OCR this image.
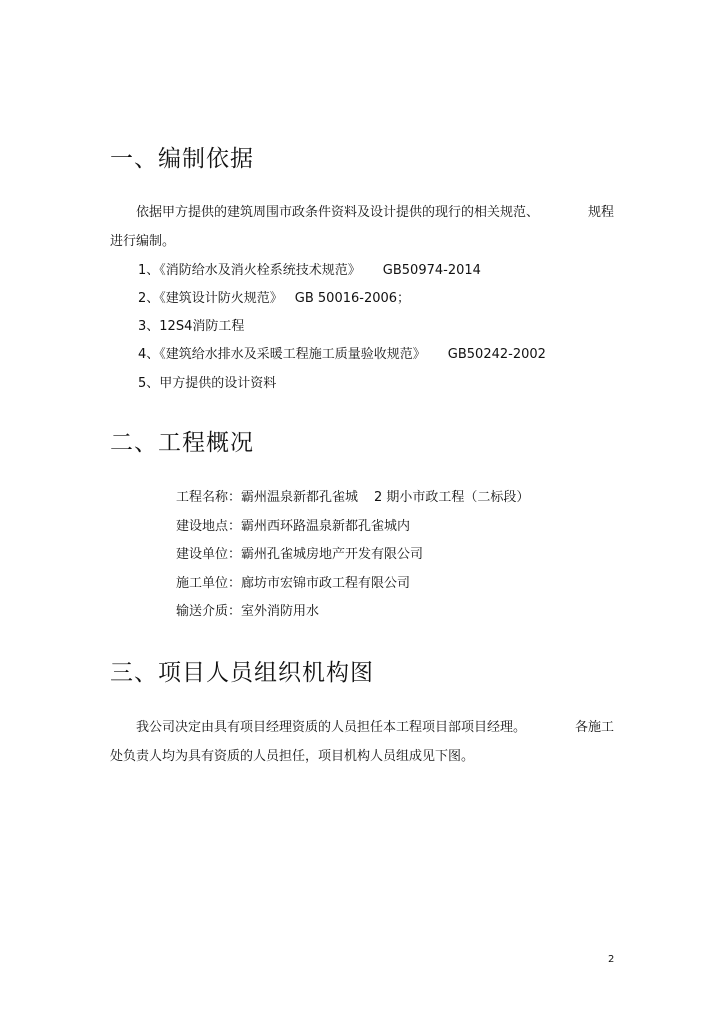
一、编制依据
依据甲方提供的建筑周围市政条件资料及设计提供的现行的相关规范、	规程
进行编制。
1、《消防给水及消火栓系统技术规范》 GB50974-2014
2、《建筑设计防火规范》 GB 50016-2006；
3、12S4消防工程
4、《建筑给水排水及采暖工程施工质量验收规范》 GB50242-2002
5、甲方提供的设计资料
二、工程概况
工程名称：霸州温泉新都孔雀城 2 期小市政工程（二标段）
建设地点：霸州西环路温泉新都孔雀城内
建设单位：霸州孔雀城房地产开发有限公司
施工单位：廊坊市宏锦市政工程有限公司
输送介质：室外消防用水
三、项目人员组织机构图
我公司决定由具有项目经理资质的人员担任本工程项目部项目经理。	各施工
处负责人均为具有资质的人员担任，项目机构人员组成见下图。
2
